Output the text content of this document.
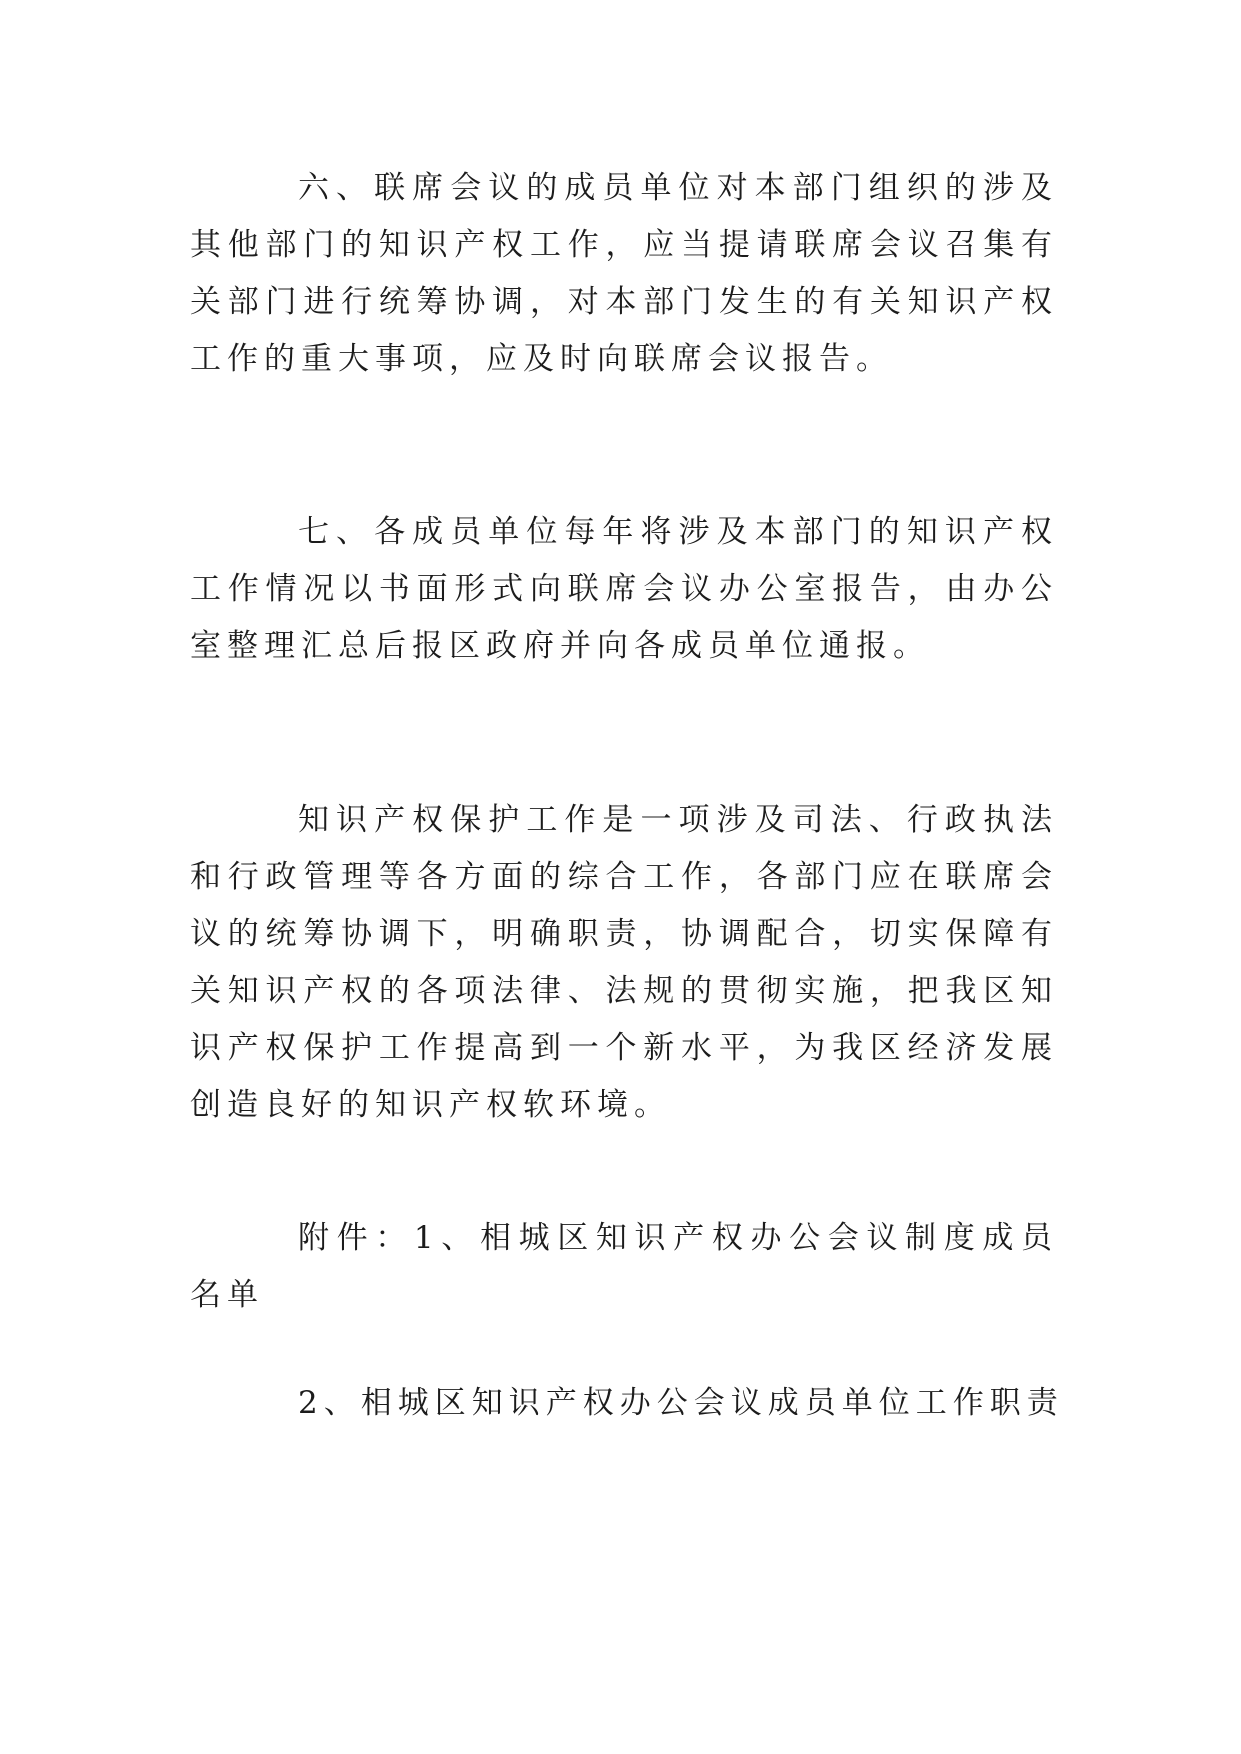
六、联席会议的成员单位对本部门组织的涉及其他部门的知识产权工作，应当提请联席会议召集有关部门进行统筹协调，对本部门发生的有关知识产权工作的重大事项，应及时向联席会议报告。

七、各成员单位每年将涉及本部门的知识产权工作情况以书面形式向联席会议办公室报告，由办公室整理汇总后报区政府并向各成员单位通报。

知识产权保护工作是一项涉及司法、行政执法和行政管理等各方面的综合工作，各部门应在联席会议的统筹协调下，明确职责，协调配合，切实保障有关知识产权的各项法律、法规的贯彻实施，把我区知识产权保护工作提高到一个新水平，为我区经济发展创造良好的知识产权软环境。

附件：1、相城区知识产权办公会议制度成员名单

2、相城区知识产权办公会议成员单位工作职责
